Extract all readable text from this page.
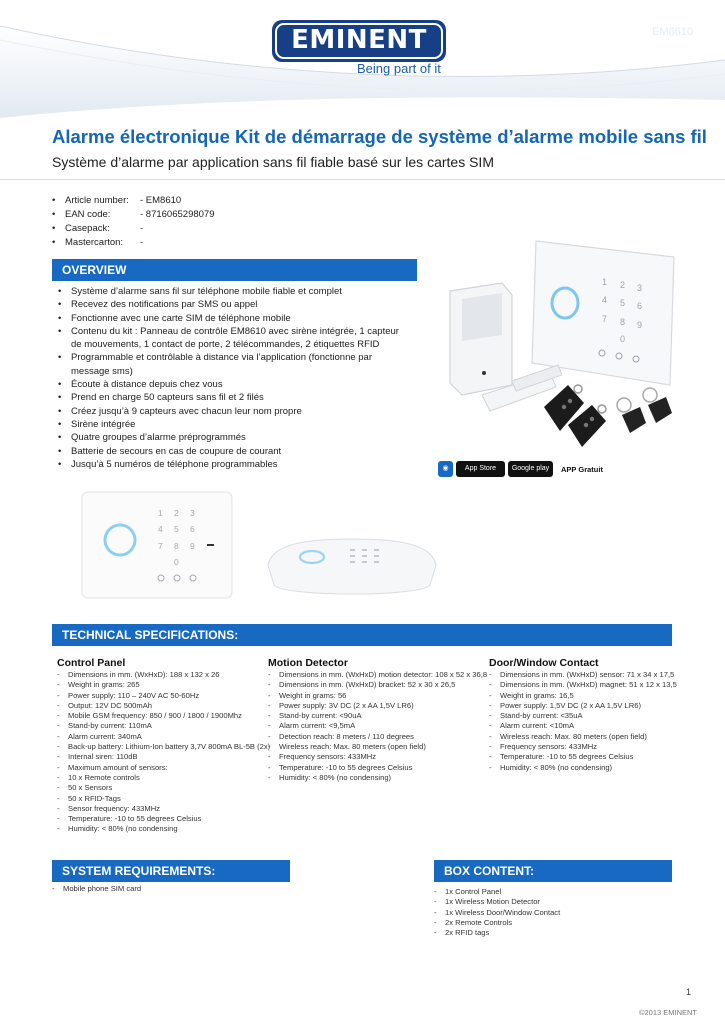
EMINENT
Being part of it
EM8610
Alarme électronique Kit de démarrage de système d’alarme mobile sans fil
Système d’alarme par application sans fil fiable basé sur les cartes SIM
• Article number: - EM8610
• EAN code:	- 8716065298079
• Casepack:	-
• Mastercarton: -
OVERVIEW
• Système d’alarme sans fil sur téléphone mobile fiable et complet
• Recevez des notifications par SMS ou appel
• Fonctionne avec une carte SIM de téléphone mobile
• Contenu du kit : Panneau de contrôle EM8610 avec sirène intégrée, 1 capteur de mouvements, 1 contact de porte, 2 télécommandes, 2 étiquettes RFID
• Programmable et contrôlable à distance via l’application (fonctionne par message sms)
• Écoute à distance depuis chez vous
• Prend en charge 50 capteurs sans fil et 2 filés
• Créez jusqu’à 9 capteurs avec chacun leur nom propre
• Sirène intégrée
• Quatre groupes d’alarme préprogrammés
• Batterie de secours en cas de coupure de courant
• Jusqu’à 5 numéros de téléphone programmables
1 2 3
4 5 6
7 8 9
0
◉	App Store	Google play	APP Gratuit
1 2 3
4 5 6
7 8 9
0
TECHNICAL SPECIFICATIONS:
Control Panel
- Dimensions in mm. (WxHxD): 188 x 132 x 26
- Weight in grams: 265
- Power supply: 110 – 240V AC 50-60Hz
- Output: 12V DC 500mAh
- Mobile GSM frequency: 850 / 900 / 1800 / 1900Mhz
- Stand-by current: 110mA
- Alarm current: 340mA
- Back-up battery: Lithium-Ion battery 3,7V 800mA BL-5B (2x)
- Internal siren: 110dB
- Maximum amount of sensors:
- 10 x Remote controls
- 50 x Sensors
- 50 x RFID-Tags
- Sensor frequency: 433MHz
- Temperature: -10 to 55 degrees Celsius
- Humidity: < 80% (no condensing
Motion Detector
- Dimensions in mm. (WxHxD) motion detector: 108 x 52 x 36,8
- Dimensions in mm. (WxHxD) bracket: 52 x 30 x 26,5
- Weight in grams: 56
- Power supply: 3V DC (2 x AA 1,5V LR6)
- Stand-by current: <90uA
- Alarm current: <9,5mA
- Detection reach: 8 meters / 110 degrees
- Wireless reach: Max. 80 meters (open field)
- Frequency sensors: 433MHz
- Temperature: -10 to 55 degrees Celsius
- Humidity: < 80% (no condensing)
Door/Window Contact
- Dimensions in mm. (WxHxD) sensor: 71 x 34 x 17,5
- Dimensions in mm. (WxHxD) magnet: 51 x 12 x 13,5
- Weight in grams: 16,5
- Power supply: 1,5V DC (2 x AA 1,5V LR6)
- Stand-by current: <35uA
- Alarm current: <10mA
- Wireless reach: Max. 80 meters (open field)
- Frequency sensors: 433MHz
- Temperature: -10 to 55 degrees Celsius
- Humidity: < 80% (no condensing)
SYSTEM REQUIREMENTS:
- Mobile phone SIM card
BOX CONTENT:
- 1x Control Panel
- 1x Wireless Motion Detector
- 1x Wireless Door/Window Contact
- 2x Remote Controls
- 2x RFID tags
1
©2013 EMINENT
